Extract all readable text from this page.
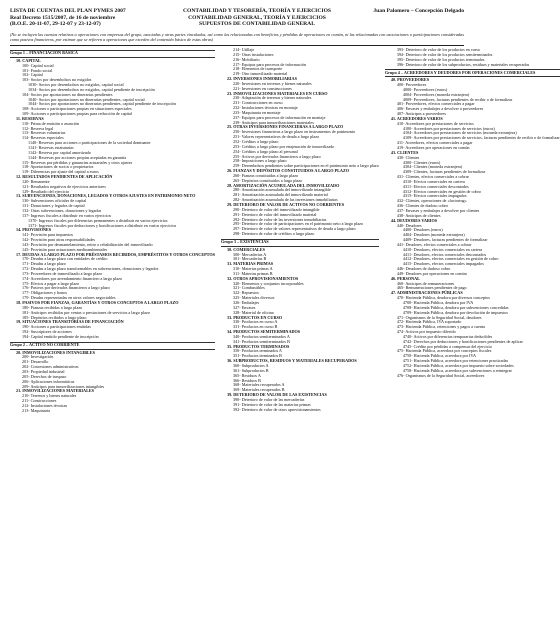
LISTA DE CUENTAS DEL PLAN PYMES 2007
Real Decreto 1515/2007, de 16 de noviembre
(B.O.E. 20-11-07, 29-12-07 y 23-12-07)
CONTABILIDAD Y TESORERÍA, TEORÍA Y EJERCICIOS
CONTABILIDAD GENERAL, TEORÍA Y EJERCICIOS
SUPUESTOS DE CONTABILIDAD GENERAL
Juan Palomero – Concepción Delgado
(No se incluyen las cuentas relativas a operaciones con empresas del grupo, asociadas y otras partes vinculadas, así como las relacionadas con beneficios y pérdidas de operaciones en común, ni las relacionadas con asociaciones o participaciones consideradas como pasivos financieros, por estimar que se refieren a operaciones que exceden del contenido básico de estas obras)
Grupo 1 – FINANCIACIÓN BÁSICA
10. CAPITAL
100- Capital social
101- Fondo social
102- Capital
103- Socios por desembolsos no exigidos
1030- Socios por desembolsos no exigidos, capital social
1034- Socios por desembolsos no exigidos, capital pendiente de inscripción
104- Socios por aportaciones no dinerarias pendientes
1040- Socios por aportaciones no dinerarias pendientes, capital social
1044- Socios por aportaciones no dinerarias pendientes, capital pendiente de inscripción
108- Acciones o participaciones propias en situaciones especiales
109- Acciones o participaciones propias para reducción de capital
11. RESERVAS
110- Prima de emisión o asunción
112- Reserva legal
113- Reservas voluntarias
114- Reservas especiales
1140- Reservas para acciones o participaciones de la sociedad dominante
1141- Reservas estatutarias
1142- Reserva por capital amortizado
1144- Reservas por acciones propias aceptadas en garantía
115- Reservas por pérdidas y ganancias actuariales y otros ajustes
118- Aportaciones de socios o propietarios
119- Diferencias por ajuste del capital a euros
12. RESULTADOS PENDIENTES DE APLICACIÓN
120- Remanente
121- Resultados negativos de ejercicios anteriores
129- Resultado del ejercicio
13. SUBVENCIONES, DONACIONES, LEGADOS Y OTROS AJUSTES EN PATRIMONIO NETO
130- Subvenciones oficiales de capital
131- Donaciones y legados de capital
132- Otras subvenciones, donaciones y legados
137- Ingresos fiscales a distribuir en varios ejercicios
1370- Ingresos fiscales por diferencias permanentes a distribuir en varios ejercicios
1371- Ingresos fiscales por deducciones y bonificaciones a distribuir en varios ejercicios
14. PROVISIONES
141- Provisión para impuestos
142- Provisión para otras responsabilidades
143- Provisión por desmantelamiento, retiro o rehabilitación del inmovilizado
145- Provisión para actuaciones medioambientales
17. DEUDAS A LARGO PLAZO POR PRÉSTAMOS RECIBIDOS, EMPRÉSTITOS Y OTROS CONCEPTOS
170- Deudas a largo plazo con entidades de crédito
171- Deudas a largo plazo
172- Deudas a largo plazo transformables en subvenciones, donaciones y legados
173- Proveedores de inmovilizado a largo plazo
174- Acreedores por arrendamiento financiero a largo plazo
175- Efectos a pagar a largo plazo
176- Pasivos por derivados financieros a largo plazo
177- Obligaciones y bonos
179- Deudas representadas en otros valores negociables
18. PASIVOS POR FIANZAS, GARANTÍAS Y OTROS CONCEPTOS A LARGO PLAZO
180- Fianzas recibidas a largo plazo
181- Anticipos recibidos por ventas o prestaciones de servicios a largo plazo
185- Depósitos recibidos a largo plazo
19. SITUACIONES TRANSITORIAS DE FINANCIACIÓN
190- Acciones o participaciones emitidas
192- Suscriptores de acciones
194- Capital emitido pendiente de inscripción
Grupo 2 – ACTIVO NO CORRIENTE
20. INMOVILIZACIONES INTANGIBLES
200- Investigación
201- Desarrollo
202- Concesiones administrativas
203- Propiedad industrial
205- Derechos de traspaso
206- Aplicaciones informáticas
209- Anticipos para inmovilizaciones intangibles
21. INMOVILIZACIONES MATERIALES
210- Terrenos y bienes naturales
211- Construcciones
212- Instalaciones técnicas
213- Maquinaria
214- Utillaje
215- Otras instalaciones
216- Mobiliario
217- Equipos para procesos de información
218- Elementos de transporte
219- Otro inmovilizado material
22. INVERSIONES INMOBILIARIAS
220- Inversiones en terrenos y bienes naturales
221- Inversiones en construcciones
23. INMOVILIZACIONES MATERIALES EN CURSO
230- Adaptación de terrenos y bienes naturales
231- Construcciones en curso
232- Instalaciones técnicas en montaje
233- Maquinaria en montaje
237- Equipos para procesos de información en montaje
239- Anticipos para inmovilizaciones materiales
25. OTRAS INVERSIONES FINANCIERAS A LARGO PLAZO
250- Inversiones financieras a largo plazo en instrumentos de patrimonio
251- Valores representativos de deuda a largo plazo
252- Créditos a largo plazo
253- Créditos a largo plazo por enajenación de inmovilizado
254- Créditos a largo plazo al personal
255- Activos por derivados financieros a largo plazo
258- Imposiciones a largo plazo
259- Desembolsos pendientes sobre participaciones en el patrimonio neto a largo plazo
26. FIANZAS Y DEPÓSITOS CONSTITUIDOS A LARGO PLAZO
260- Fianzas constituidas a largo plazo
265- Depósitos constituidos a largo plazo
28. AMORTIZACIÓN ACUMULADA DEL INMOVILIZADO
280- Amortización acumulada del inmovilizado intangible
281- Amortización acumulada del inmovilizado material
282- Amortización acumulada de las inversiones inmobiliarias
29. DETERIORO DE VALOR DE ACTIVOS NO CORRIENTES
290- Deterioro de valor del inmovilizado intangible
291- Deterioro de valor del inmovilizado material
292- Deterioro de valor de las inversiones inmobiliarias
295- Deterioro de valor de participaciones en el patrimonio neto a largo plazo
297- Deterioro de valor de valores representativos de deuda a largo plazo
298- Deterioro de valor de créditos a largo plazo
Grupo 3 – EXISTENCIAS
30. COMERCIALES
300- Mercaderías A
301- Mercaderías B
31. MATERIAS PRIMAS
310- Materias primas A
311- Materias primas B
32. OTROS APROVISIONAMIENTOS
320- Elementos y conjuntos incorporables
321- Combustibles
322- Repuestos
325- Materiales diversos
326- Embalajes
327- Envases
328- Material de oficina
33. PRODUCTOS EN CURSO
330- Productos en curso A
331- Productos en curso B
34. PRODUCTOS SEMITERMINADOS
340- Productos semiterminados A
341- Productos semiterminados B
35. PRODUCTOS TERMINADOS
350- Productos terminados A
351- Productos terminados B
36. SUBPRODUCTOS, RESIDUOS Y MATERIALES RECUPERADOS
360- Subproductos A
361- Subproductos B
365- Residuos A
366- Residuos B
368- Materiales recuperados A
369- Materiales recuperados B
39. DETERIORO DE VALOR DE LAS EXISTENCIAS
390- Deterioro de valor de las mercaderías
391- Deterioro de valor de las materias primas
392- Deterioro de valor de otros aprovisionamientos
393- Deterioro de valor de los productos en curso
394- Deterioro de valor de los productos semiterminados
395- Deterioro de valor de los productos terminados
396- Deterioro de valor de los subproductos, residuos y materiales recuperados
Grupo 4 – ACREEDORES Y DEUDORES POR OPERACIONES COMERCIALES
40. PROVEEDORES
400- Proveedores
4000- Proveedores (euros)
4004- Proveedores (moneda extranjera)
4009- Proveedores, facturas pendientes de recibir o de formalizar
401- Proveedores, efectos comerciales a pagar
406- Envases y embalajes a devolver a proveedores
407- Anticipos a proveedores
41. ACREEDORES VARIOS
410- Acreedores por prestaciones de servicios
4100- Acreedores por prestaciones de servicios (euros)
4104- Acreedores por prestaciones de servicios (moneda extranjera)
4109- Acreedores por prestaciones de servicios, facturas pendientes de recibir o de formalizar
411- Acreedores, efectos comerciales a pagar
419- Acreedores por operaciones en común
43. CLIENTES
430- Clientes
4300- Clientes (euros)
4304- Clientes (moneda extranjera)
4309- Clientes, facturas pendientes de formalizar
431- Clientes, efectos comerciales a cobrar
4310- Efectos comerciales en cartera
4311- Efectos comerciales descontados
4312- Efectos comerciales en gestión de cobro
4315- Efectos comerciales impagados
432- Clientes, operaciones de «factoring»
436- Clientes de dudoso cobro
437- Envases y embalajes a devolver por clientes
438- Anticipos de clientes
44. DEUDORES VARIOS
440- Deudores
4400- Deudores (euros)
4404- Deudores (moneda extranjera)
4409- Deudores, facturas pendientes de formalizar
441- Deudores, efectos comerciales a cobrar
4410- Deudores, efectos comerciales en cartera
4411- Deudores, efectos comerciales descontados
4412- Deudores, efectos comerciales en gestión de cobro
4415- Deudores, efectos comerciales impagados
446- Deudores de dudoso cobro
449- Deudores por operaciones en común
46. PERSONAL
460- Anticipos de remuneraciones
465- Remuneraciones pendientes de pago
47. ADMINISTRACIONES PÚBLICAS
470- Hacienda Pública, deudora por diversos conceptos
4700- Hacienda Pública, deudora por IVA
4708- Hacienda Pública, deudora por subvenciones concedidas
4709- Hacienda Pública, deudora por devolución de impuestos
471- Organismos de la Seguridad Social, deudores
472- Hacienda Pública, IVA soportado
473- Hacienda Pública, retenciones y pagos a cuenta
474- Activos por impuesto diferido
4740- Activos por diferencias temporarias deducibles
4742- Derechos por deducciones y bonificaciones pendientes de aplicar
4745- Crédito por pérdidas a compensar del ejercicio
475- Hacienda Pública, acreedora por conceptos fiscales
4750- Hacienda Pública, acreedora por IVA
4751- Hacienda Pública, acreedora por retenciones practicadas
4752- Hacienda Pública, acreedora por impuesto sobre sociedades
4758- Hacienda Pública, acreedora por subvenciones a reintegrar
476- Organismos de la Seguridad Social, acreedores
